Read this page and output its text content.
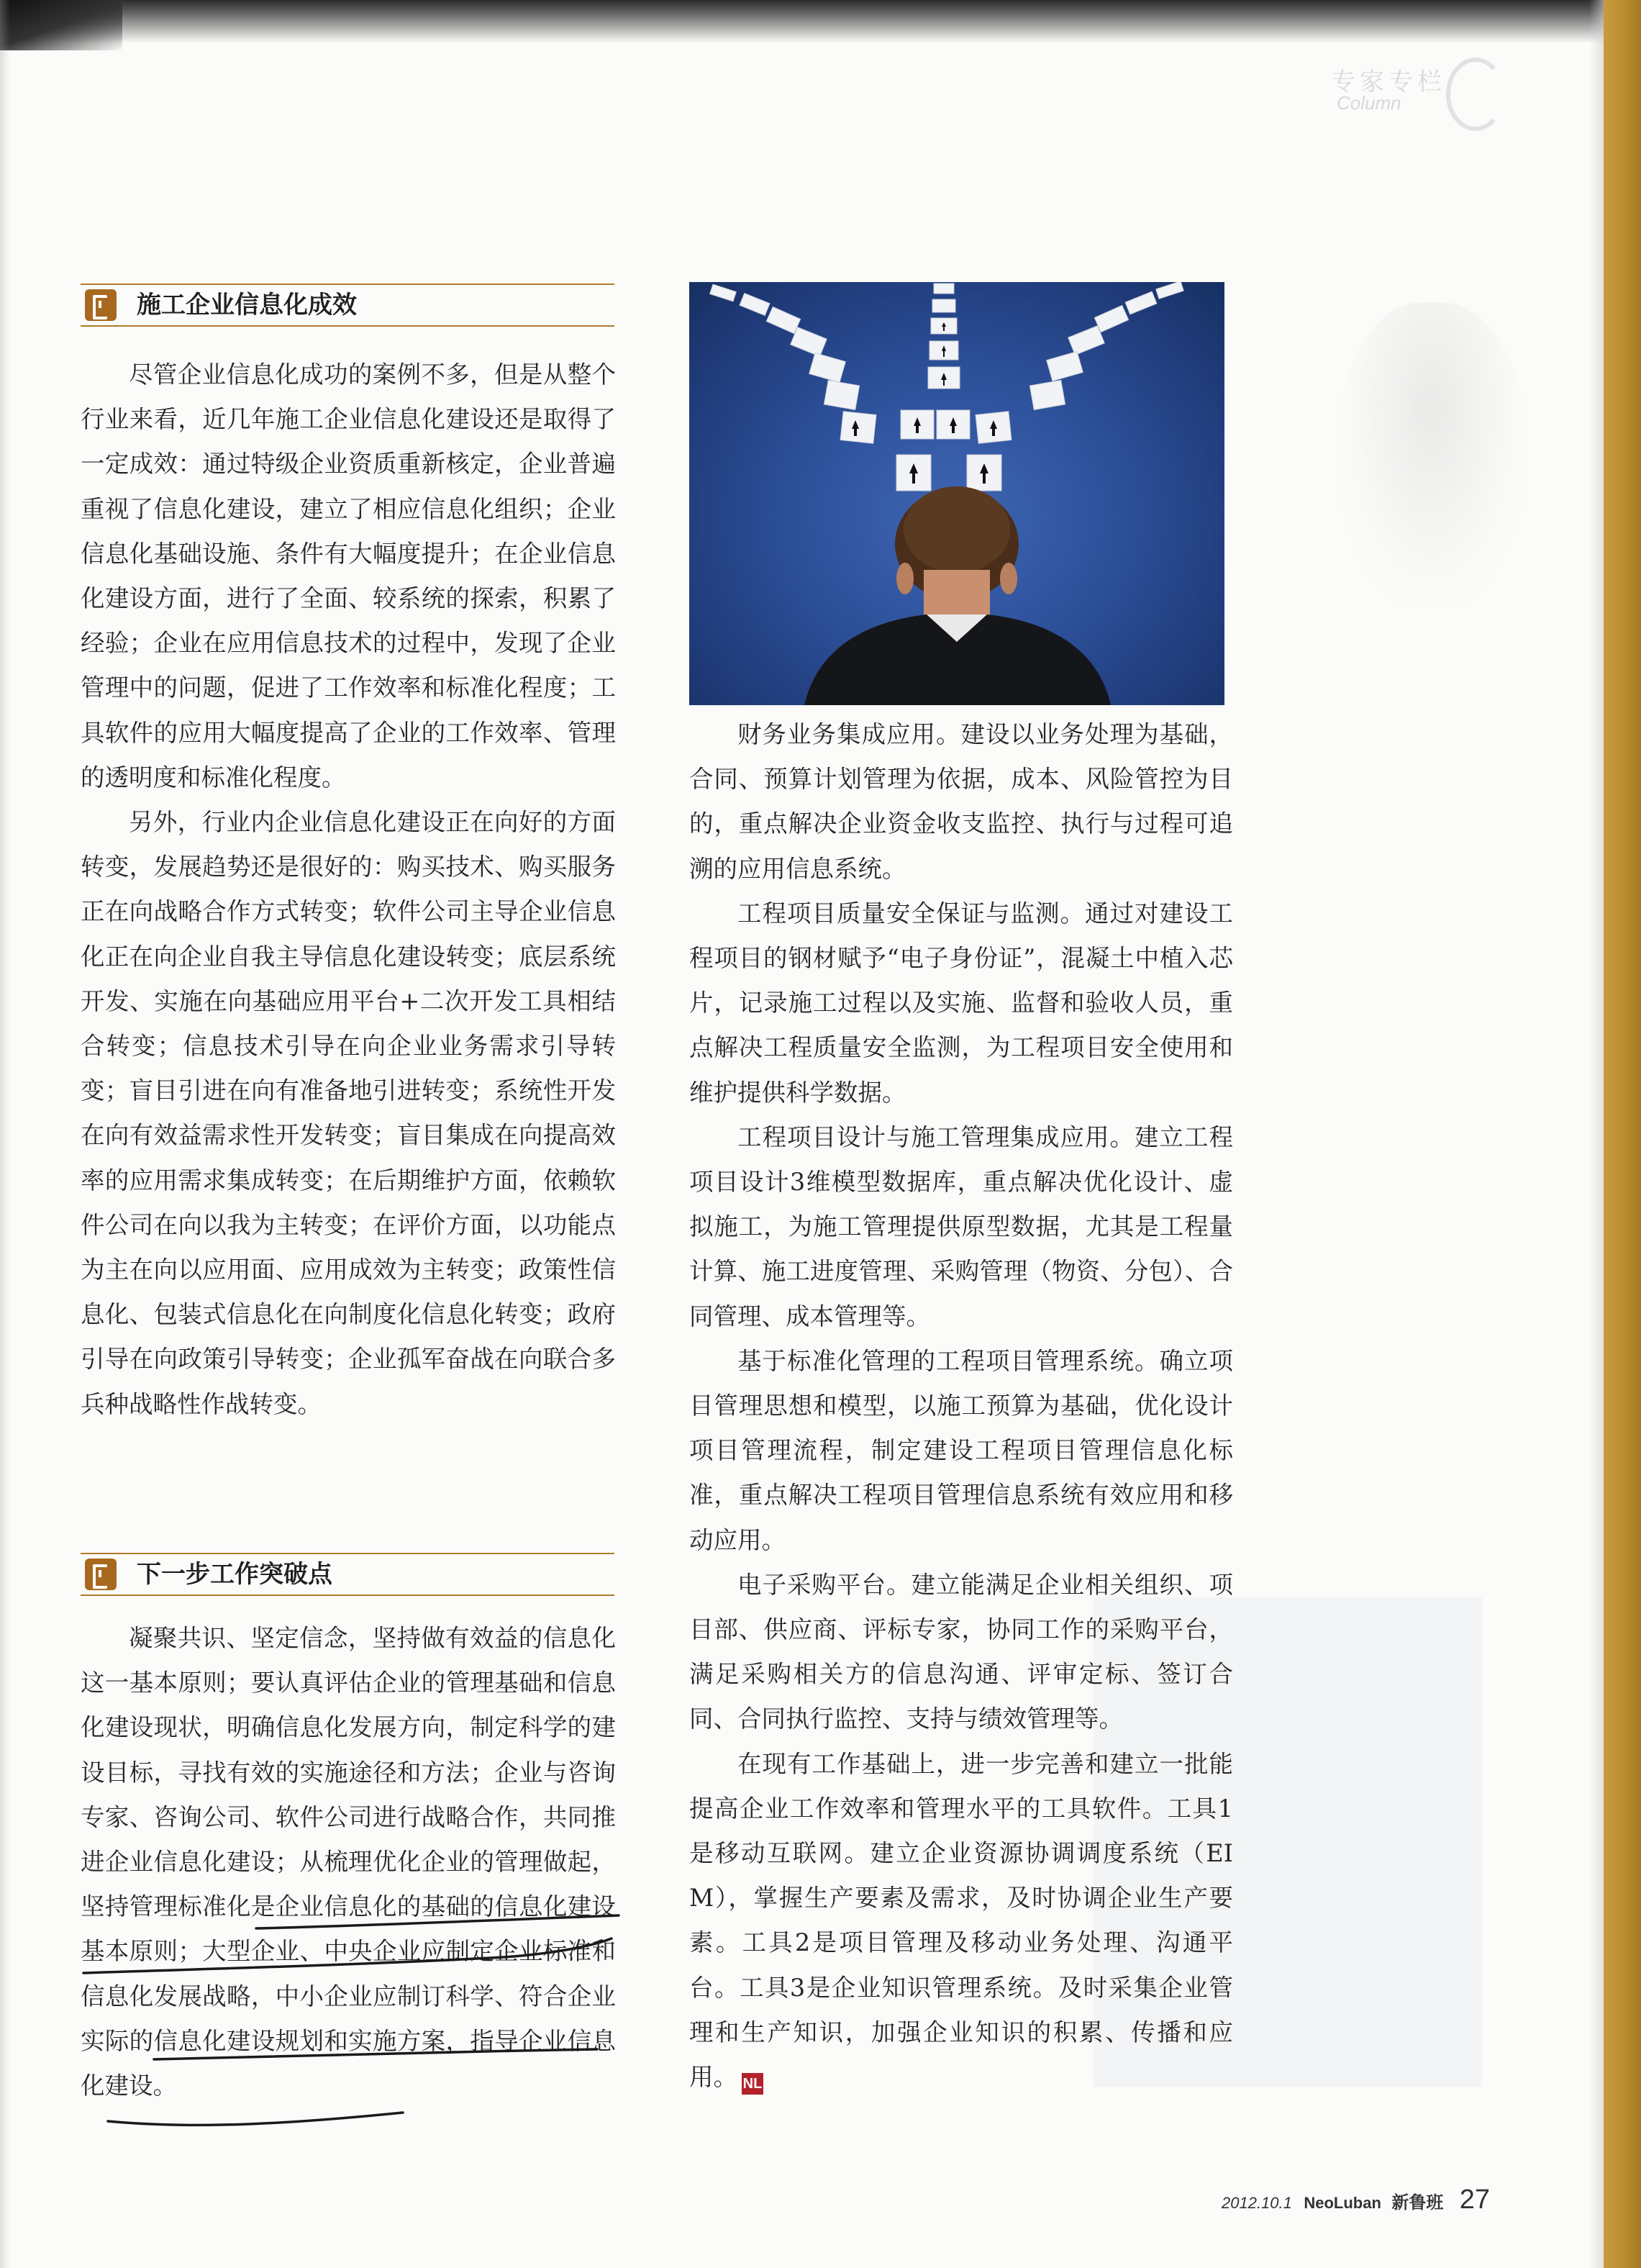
专家专栏
Column
施工企业信息化成效

尽管企业信息化成功的案例不多，但是从整个行业来看，近几年施工企业信息化建设还是取得了一定成效：通过特级企业资质重新核定，企业普遍重视了信息化建设，建立了相应信息化组织；企业信息化基础设施、条件有大幅度提升；在企业信息化建设方面，进行了全面、较系统的探索，积累了经验；企业在应用信息技术的过程中，发现了企业管理中的问题，促进了工作效率和标准化程度；工具软件的应用大幅度提高了企业的工作效率、管理的透明度和标准化程度。

另外，行业内企业信息化建设正在向好的方面转变，发展趋势还是很好的：购买技术、购买服务正在向战略合作方式转变；软件公司主导企业信息化正在向企业自我主导信息化建设转变；底层系统开发、实施在向基础应用平台+二次开发工具相结合转变；信息技术引导在向企业业务需求引导转变；盲目引进在向有准备地引进转变；系统性开发在向有效益需求性开发转变；盲目集成在向提高效率的应用需求集成转变；在后期维护方面，依赖软件公司在向以我为主转变；在评价方面，以功能点为主在向以应用面、应用成效为主转变；政策性信息化、包装式信息化在向制度化信息化转变；政府引导在向政策引导转变；企业孤军奋战在向联合多兵种战略性作战转变。

下一步工作突破点

凝聚共识、坚定信念，坚持做有效益的信息化这一基本原则；要认真评估企业的管理基础和信息化建设现状，明确信息化发展方向，制定科学的建设目标，寻找有效的实施途径和方法；企业与咨询专家、咨询公司、软件公司进行战略合作，共同推进企业信息化建设；从梳理优化企业的管理做起，坚持管理标准化是企业信息化的基础的信息化建设基本原则；大型企业、中央企业应制定企业标准和信息化发展战略，中小企业应制订科学、符合企业实际的信息化建设规划和实施方案，指导企业信息化建设。

财务业务集成应用。建设以业务处理为基础，合同、预算计划管理为依据，成本、风险管控为目的，重点解决企业资金收支监控、执行与过程可追溯的应用信息系统。

工程项目质量安全保证与监测。通过对建设工程项目的钢材赋予“电子身份证”，混凝土中植入芯片，记录施工过程以及实施、监督和验收人员，重点解决工程质量安全监测，为工程项目安全使用和维护提供科学数据。

工程项目设计与施工管理集成应用。建立工程项目设计3维模型数据库，重点解决优化设计、虚拟施工，为施工管理提供原型数据，尤其是工程量计算、施工进度管理、采购管理（物资、分包）、合同管理、成本管理等。

基于标准化管理的工程项目管理系统。确立项目管理思想和模型，以施工预算为基础，优化设计项目管理流程，制定建设工程项目管理信息化标准，重点解决工程项目管理信息系统有效应用和移动应用。

电子采购平台。建立能满足企业相关组织、项目部、供应商、评标专家，协同工作的采购平台，满足采购相关方的信息沟通、评审定标、签订合同、合同执行监控、支持与绩效管理等。

在现有工作基础上，进一步完善和建立一批能提高企业工作效率和管理水平的工具软件。工具1是移动互联网。建立企业资源协调调度系统（EIM），掌握生产要素及需求，及时协调企业生产要素。工具2是项目管理及移动业务处理、沟通平台。工具3是企业知识管理系统。及时采集企业管理和生产知识，加强企业知识的积累、传播和应用。 NL

2012.10.1 NeoLuban 新鲁班 27
